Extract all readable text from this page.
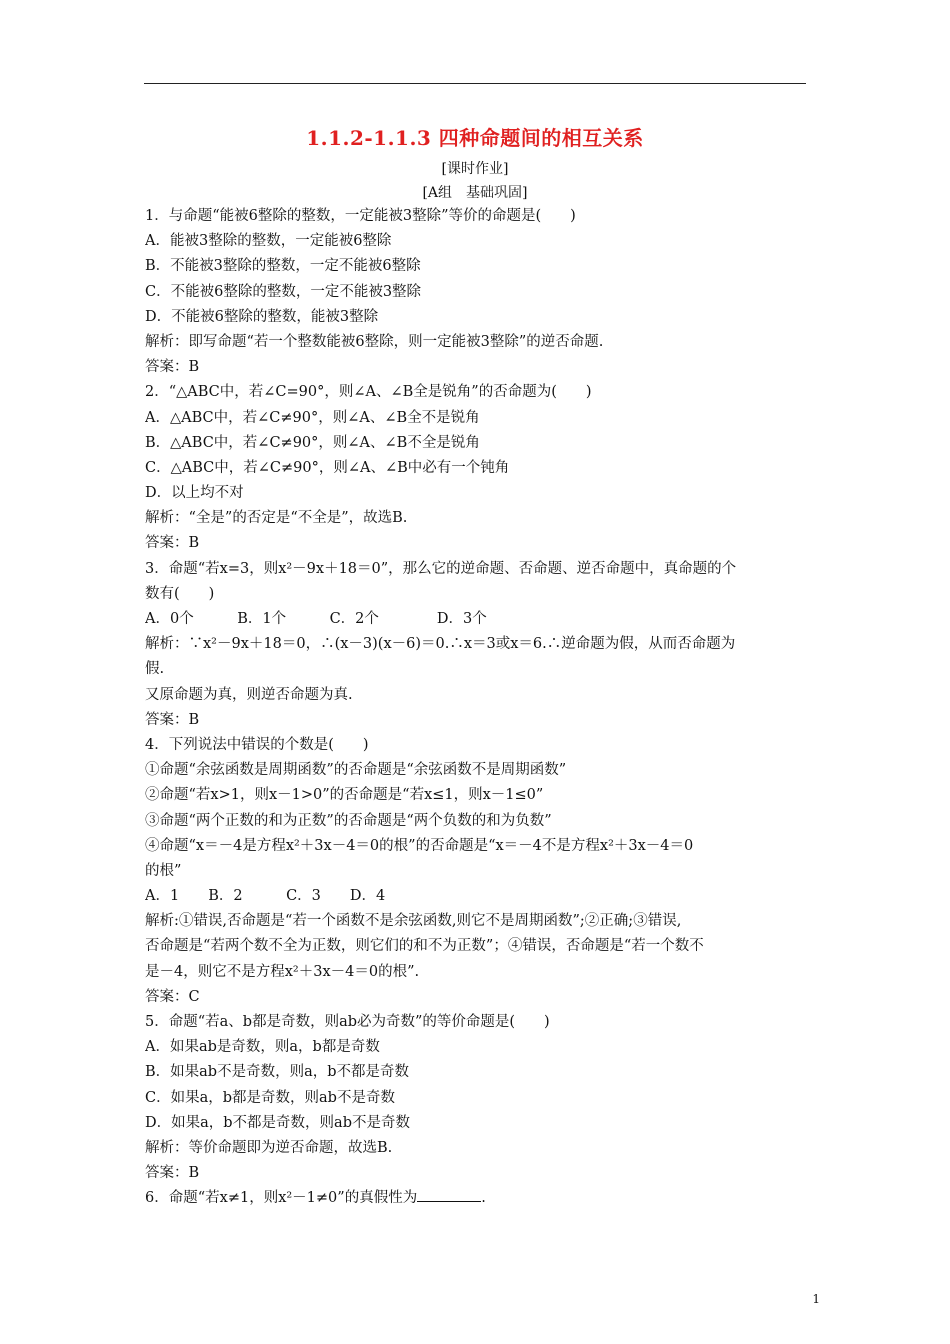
1.1.2-1.1.3 四种命题间的相互关系
[课时作业]
[A组　基础巩固]
1．与命题“能被6整除的整数，一定能被3整除”等价的命题是(　　)
A．能被3整除的整数，一定能被6整除
B．不能被3整除的整数，一定不能被6整除
C．不能被6整除的整数，一定不能被3整除
D．不能被6整除的整数，能被3整除
解析：即写命题“若一个整数能被6整除，则一定能被3整除”的逆否命题.
答案：B
2．“△ABC中，若∠C=90°，则∠A、∠B全是锐角”的否命题为(　　)
A．△ABC中，若∠C≠90°，则∠A、∠B全不是锐角
B．△ABC中，若∠C≠90°，则∠A、∠B不全是锐角
C．△ABC中，若∠C≠90°，则∠A、∠B中必有一个钝角
D．以上均不对
解析：“全是”的否定是“不全是”，故选B.
答案：B
3．命题“若x=3，则x²－9x＋18＝0”，那么它的逆命题、否命题、逆否命题中，真命题的个
数有(　　)
A．0个　　　B．1个　　　C．2个　　　　D．3个
解析：∵x²－9x＋18＝0，∴(x－3)(x－6)＝0.∴x＝3或x＝6.∴逆命题为假，从而否命题为
假.
又原命题为真，则逆否命题为真.
答案：B
4．下列说法中错误的个数是(　　)
①命题“余弦函数是周期函数”的否命题是“余弦函数不是周期函数”
②命题“若x>1，则x－1>0”的否命题是“若x≤1，则x－1≤0”
③命题“两个正数的和为正数”的否命题是“两个负数的和为负数”
④命题“x＝－4是方程x²＋3x－4＝0的根”的否命题是“x＝－4不是方程x²＋3x－4＝0
的根”
A．1　　B．2　　　C．3　　D．4
解析:①错误,否命题是“若一个函数不是余弦函数,则它不是周期函数”;②正确;③错误,
否命题是“若两个数不全为正数，则它们的和不为正数”；④错误，否命题是“若一个数不
是－4，则它不是方程x²＋3x－4＝0的根”.
答案：C
5．命题“若a、b都是奇数，则ab必为奇数”的等价命题是(　　)
A．如果ab是奇数，则a，b都是奇数
B．如果ab不是奇数，则a，b不都是奇数
C．如果a，b都是奇数，则ab不是奇数
D．如果a，b不都是奇数，则ab不是奇数
解析：等价命题即为逆否命题，故选B.
答案：B
6．命题“若x≠1，则x²－1≠0”的真假性为	.
1
